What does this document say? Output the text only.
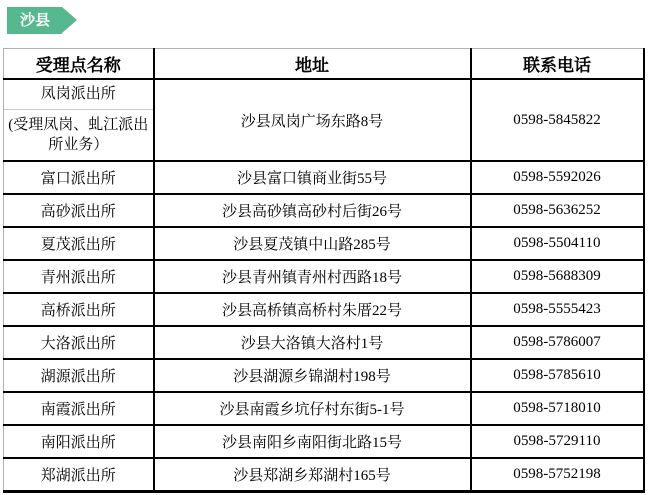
沙县
受理点名称	地址	联系电话

凤岗派出所
(受理凤岗、虬江派出所业务）	沙县凤岗广场东路8号	0598-5845822
富口派出所	沙县富口镇商业街55号	0598-5592026
高砂派出所	沙县高砂镇高砂村后街26号	0598-5636252
夏茂派出所	沙县夏茂镇中山路285号	0598-5504110
青州派出所	沙县青州镇青州村西路18号	0598-5688309
高桥派出所	沙县高桥镇高桥村朱厝22号	0598-5555423
大洛派出所	沙县大洛镇大洛村1号	0598-5786007
湖源派出所	沙县湖源乡锦湖村198号	0598-5785610
南霞派出所	沙县南霞乡坑仔村东街5-1号	0598-5718010
南阳派出所	沙县南阳乡南阳街北路15号	0598-5729110
郑湖派出所	沙县郑湖乡郑湖村165号	0598-5752198
